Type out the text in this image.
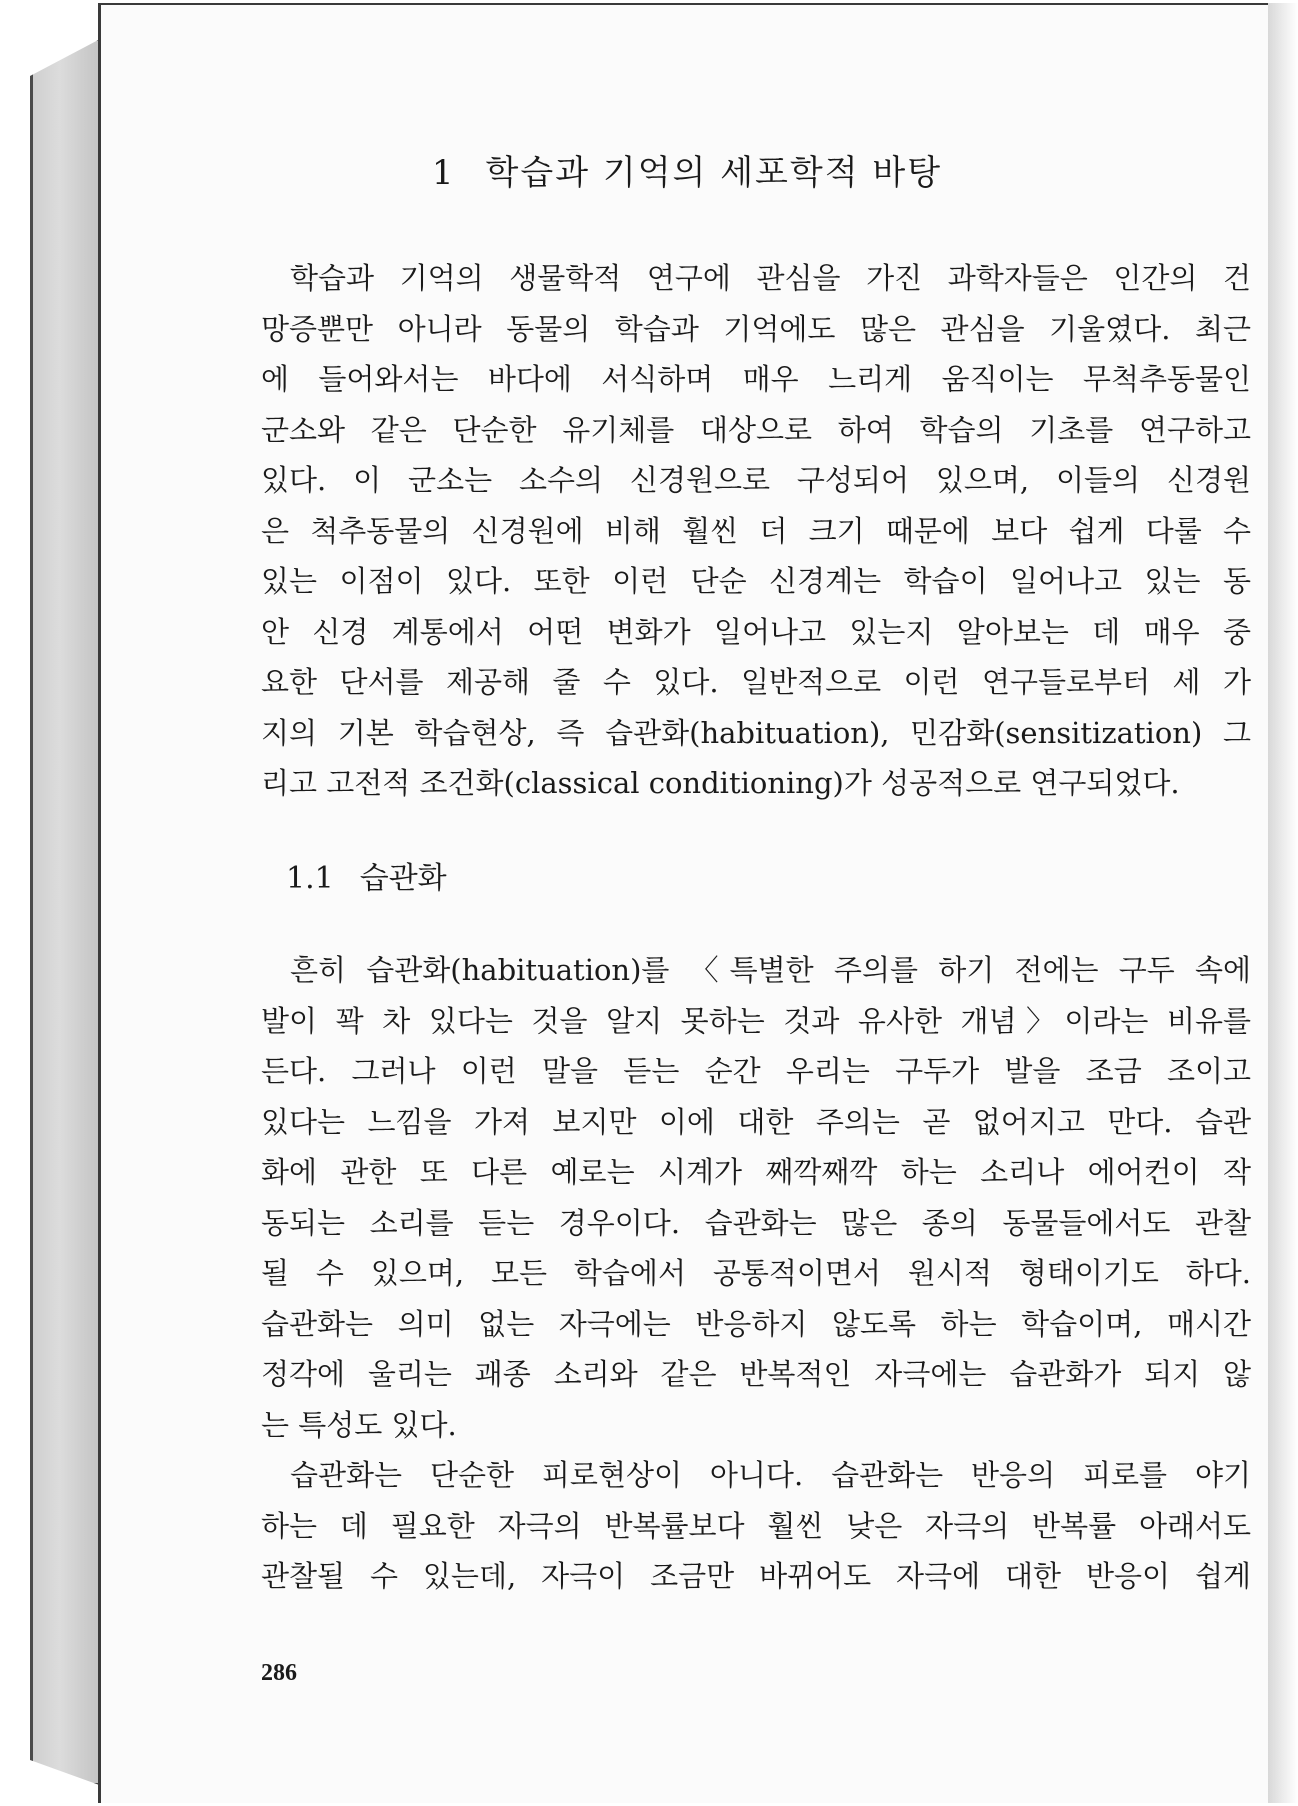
1 학습과 기억의 세포학적 바탕

학습과 기억의 생물학적 연구에 관심을 가진 과학자들은 인간의 건
망증뿐만 아니라 동물의 학습과 기억에도 많은 관심을 기울였다. 최근
에 들어와서는 바다에 서식하며 매우 느리게 움직이는 무척추동물인
군소와 같은 단순한 유기체를 대상으로 하여 학습의 기초를 연구하고
있다. 이 군소는 소수의 신경원으로 구성되어 있으며, 이들의 신경원
은 척추동물의 신경원에 비해 훨씬 더 크기 때문에 보다 쉽게 다룰 수
있는 이점이 있다. 또한 이런 단순 신경계는 학습이 일어나고 있는 동
안 신경 계통에서 어떤 변화가 일어나고 있는지 알아보는 데 매우 중
요한 단서를 제공해 줄 수 있다. 일반적으로 이런 연구들로부터 세 가
지의 기본 학습현상, 즉 습관화(habituation), 민감화(sensitization) 그
리고 고전적 조건화(classical conditioning)가 성공적으로 연구되었다.

1.1 습관화

흔히 습관화(habituation)를 〈특별한 주의를 하기 전에는 구두 속에
발이 꽉 차 있다는 것을 알지 못하는 것과 유사한 개념〉이라는 비유를
든다. 그러나 이런 말을 듣는 순간 우리는 구두가 발을 조금 조이고
있다는 느낌을 가져 보지만 이에 대한 주의는 곧 없어지고 만다. 습관
화에 관한 또 다른 예로는 시계가 째깍째깍 하는 소리나 에어컨이 작
동되는 소리를 듣는 경우이다. 습관화는 많은 종의 동물들에서도 관찰
될 수 있으며, 모든 학습에서 공통적이면서 원시적 형태이기도 하다.
습관화는 의미 없는 자극에는 반응하지 않도록 하는 학습이며, 매시간
정각에 울리는 괘종 소리와 같은 반복적인 자극에는 습관화가 되지 않
는 특성도 있다.

습관화는 단순한 피로현상이 아니다. 습관화는 반응의 피로를 야기
하는 데 필요한 자극의 반복률보다 훨씬 낮은 자극의 반복률 아래서도
관찰될 수 있는데, 자극이 조금만 바뀌어도 자극에 대한 반응이 쉽게

286
